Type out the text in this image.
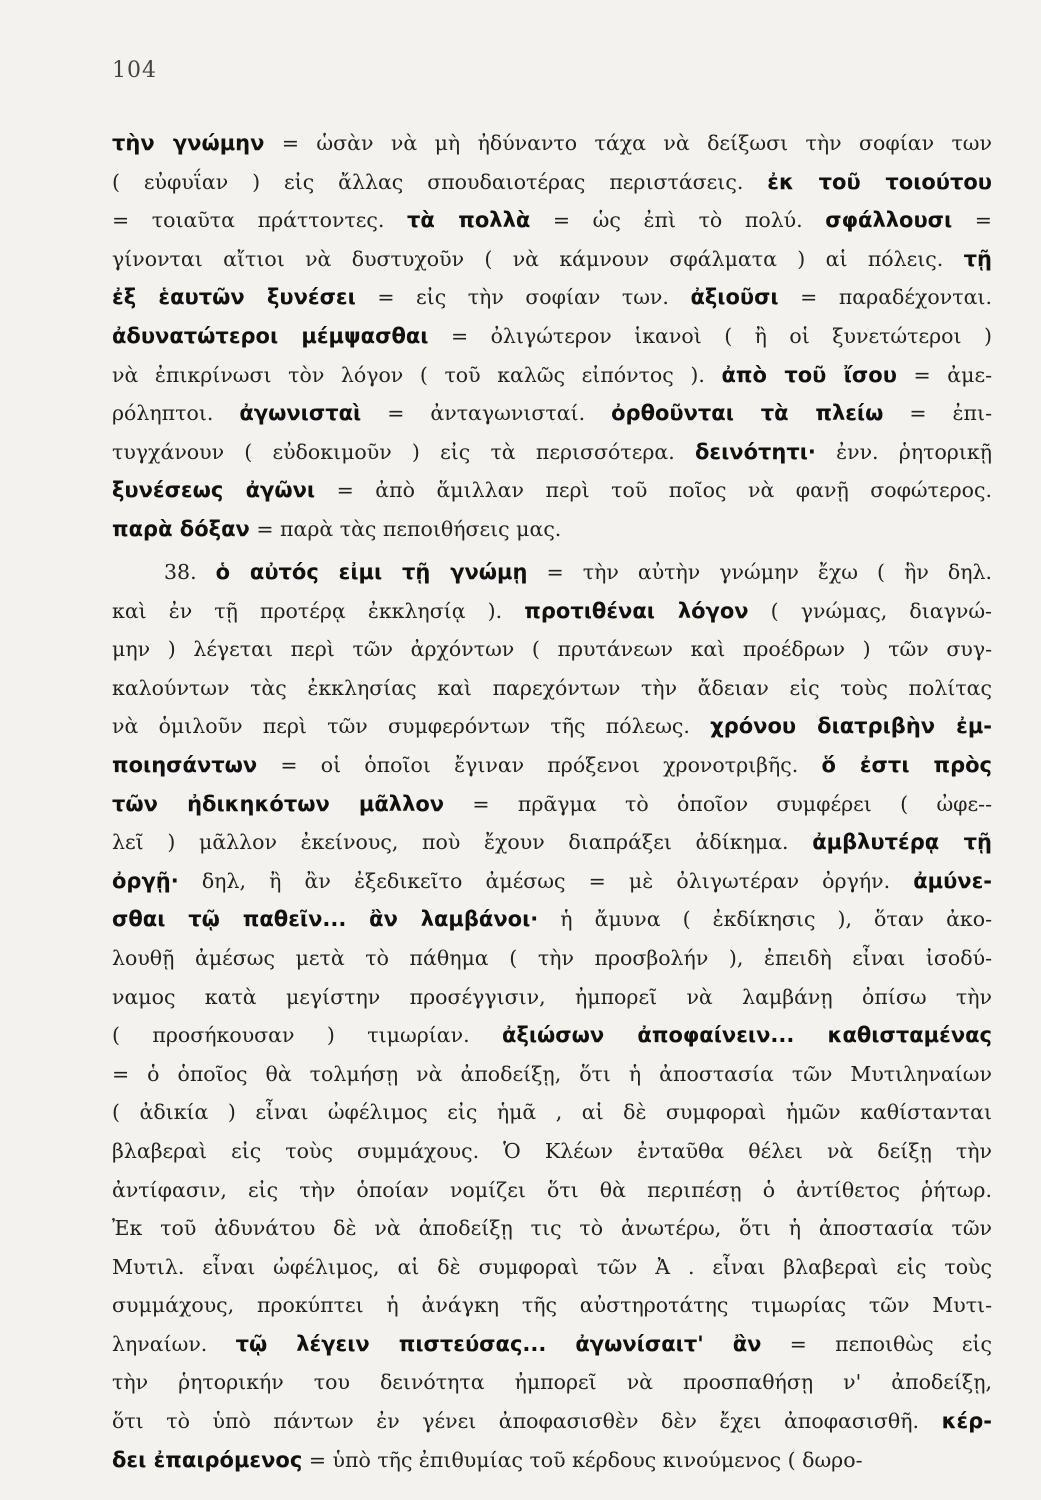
104
τὴν γνώμην = ὡσὰν νὰ μὴ ἠδύναντο τάχα νὰ δείξωσι τὴν σοφίαν των
( εὐφυΐαν ) εἰς ἄλλας σπουδαιοτέρας περιστάσεις. ἐκ τοῦ τοιούτου
= τοιαῦτα πράττοντες. τὰ πολλὰ = ὡς ἐπὶ τὸ πολύ. σφάλλουσι =
γίνονται αἴτιοι νὰ δυστυχοῦν ( νὰ κάμνουν σφάλματα ) αἱ πόλεις. τῇ
ἐξ ἑαυτῶν ξυνέσει = εἰς τὴν σοφίαν των. ἀξιοῦσι = παραδέχονται.
ἀδυνατώτεροι μέμψασθαι = ὀλιγώτερον ἱκανοὶ ( ἢ οἱ ξυνετώτεροι )
νὰ ἐπικρίνωσι τὸν λόγον ( τοῦ καλῶς εἰπόντος ). ἀπὸ τοῦ ἴσου = ἀμε-
ρόληπτοι. ἀγωνισταὶ = ἀνταγωνισταί. ὀρθοῦνται τὰ πλείω = ἐπι-
τυγχάνουν ( εὐδοκιμοῦν ) εἰς τὰ περισσότερα. δεινότητι· ἐνν. ῥητορικῇ
ξυνέσεως ἀγῶνι = ἀπὸ ἅμιλλαν περὶ τοῦ ποῖος νὰ φανῇ σοφώτερος.
παρὰ δόξαν = παρὰ τὰς πεποιθήσεις μας.
38. ὁ αὐτός εἰμι τῇ γνώμῃ = τὴν αὐτὴν γνώμην ἔχω ( ἣν δηλ.
καὶ ἐν τῇ προτέρᾳ ἐκκλησίᾳ ). προτιθέναι λόγον ( γνώμας, διαγνώ-
μην ) λέγεται περὶ τῶν ἀρχόντων ( πρυτάνεων καὶ προέδρων ) τῶν συγ-
καλούντων τὰς ἐκκλησίας καὶ παρεχόντων τὴν ἄδειαν εἰς τοὺς πολίτας
νὰ ὁμιλοῦν περὶ τῶν συμφερόντων τῆς πόλεως. χρόνου διατριβὴν ἐμ-
ποιησάντων = οἱ ὁποῖοι ἔγιναν πρόξενοι χρονοτριβῆς. ὅ ἐστι πρὸς
τῶν ἠδικηκότων μᾶλλον = πρᾶγμα τὸ ὁποῖον συμφέρει ( ὠφε--
λεῖ ) μᾶλλον ἐκείνους, ποὺ ἔχουν διαπράξει ἀδίκημα. ἀμβλυτέρᾳ τῇ
ὀργῇ· δηλ, ἢ ἂν ἐξεδικεῖτο ἀμέσως = μὲ ὀλιγωτέραν ὀργήν. ἀμύνε-
σθαι τῷ παθεῖν... ἂν λαμβάνοι· ἡ ἄμυνα ( ἐκδίκησις ), ὅταν ἀκο-
λουθῇ ἀμέσως μετὰ τὸ πάθημα ( τὴν προσβολήν ), ἐπειδὴ εἶναι ἰσοδύ-
ναμος κατὰ μεγίστην προσέγγισιν, ἠμπορεῖ νὰ λαμβάνῃ ὀπίσω τὴν
( προσήκουσαν ) τιμωρίαν. ἀξιώσων ἀποφαίνειν... καθισταμένας
= ὁ ὁποῖος θὰ τολμήσῃ νὰ ἀποδείξῃ, ὅτι ἡ ἀποστασία τῶν Μυτιληναίων
( ἀδικία ) εἶναι ὠφέλιμος εἰς ἡμᾶ , αἱ δὲ συμφοραὶ ἡμῶν καθίστανται
βλαβεραὶ εἰς τοὺς συμμάχους. Ὁ Κλέων ἐνταῦθα θέλει νὰ δείξῃ τὴν
ἀντίφασιν, εἰς τὴν ὁποίαν νομίζει ὅτι θὰ περιπέσῃ ὁ ἀντίθετος ῥήτωρ.
Ἐκ τοῦ ἀδυνάτου δὲ νὰ ἀποδείξῃ τις τὸ ἀνωτέρω, ὅτι ἡ ἀποστασία τῶν
Μυτιλ. εἶναι ὠφέλιμος, αἱ δὲ συμφοραὶ τῶν Ἀ . εἶναι βλαβεραὶ εἰς τοὺς
συμμάχους, προκύπτει ἡ ἀνάγκη τῆς αὐστηροτάτης τιμωρίας τῶν Μυτι-
ληναίων. τῷ λέγειν πιστεύσας... ἀγωνίσαιτ' ἂν = πεποιθὼς εἰς
τὴν ῥητορικήν του δεινότητα ἠμπορεῖ νὰ προσπαθήσῃ ν' ἀποδείξῃ,
ὅτι τὸ ὑπὸ πάντων ἐν γένει ἀποφασισθὲν δὲν ἔχει ἀποφασισθῆ. κέρ-
δει ἐπαιρόμενος = ὑπὸ τῆς ἐπιθυμίας τοῦ κέρδους κινούμενος ( δωρο-
